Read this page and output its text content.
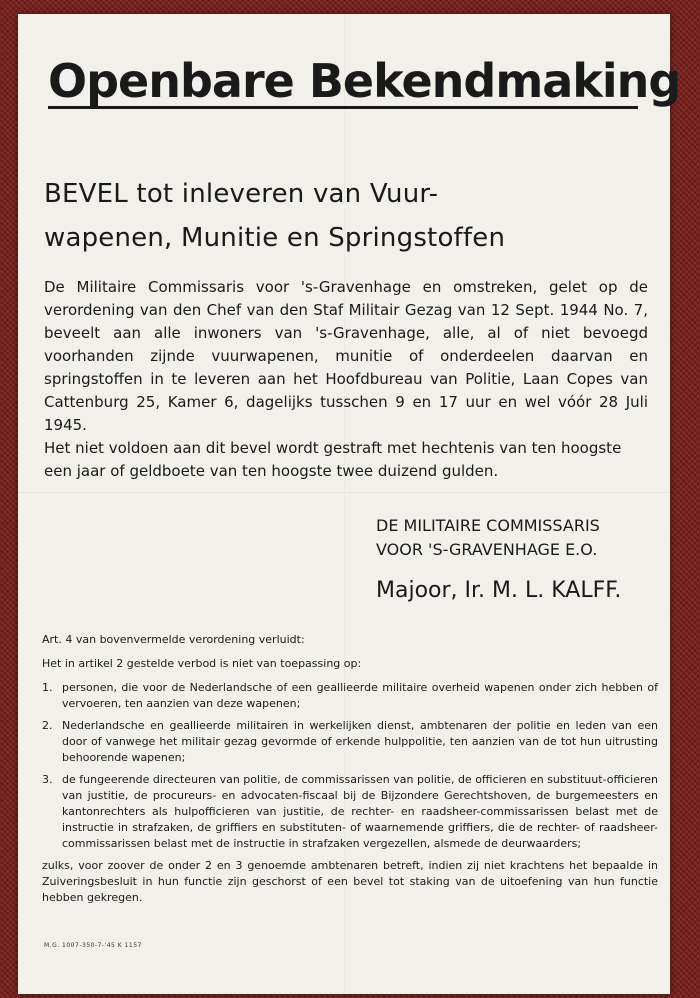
Openbare Bekendmaking
BEVEL tot inleveren van Vuur-
wapenen, Munitie en Springstoffen

De Militaire Commissaris voor 's-Gravenhage en omstreken, gelet op de verordening van den Chef van den Staf Militair Gezag van 12 Sept. 1944 No. 7, beveelt aan alle inwoners van 's-Gravenhage, alle, al of niet bevoegd voorhanden zijnde vuurwapenen, munitie of onderdeelen daarvan en springstoffen in te leveren aan het Hoofdbureau van Politie, Laan Copes van Cattenburg 25, Kamer 6, dagelijks tusschen 9 en 17 uur en wel vóór 28 Juli 1945.

Het niet voldoen aan dit bevel wordt gestraft met hechtenis van ten hoogste een jaar of geldboete van ten hoogste twee duizend gulden.

DE MILITAIRE COMMISSARIS
VOOR 'S-GRAVENHAGE E.O.
Majoor, Ir. M. L. KALFF.

Art. 4 van bovenvermelde verordening verluidt:

Het in artikel 2 gestelde verbod is niet van toepassing op:

1. personen, die voor de Nederlandsche of een geallieerde militaire overheid wapenen onder zich hebben of vervoeren, ten aanzien van deze wapenen;
2. Nederlandsche en geallieerde militairen in werkelijken dienst, ambtenaren der politie en leden van een door of vanwege het militair gezag gevormde of erkende hulppolitie, ten aanzien van de tot hun uitrusting behoorende wapenen;
3. de fungeerende directeuren van politie, de commissarissen van politie, de officieren en substituut-officieren van justitie, de procureurs- en advocaten-fiscaal bij de Bijzondere Gerechtshoven, de burgemeesters en kantonrechters als hulpofficieren van justitie, de rechter- en raadsheer-commissarissen belast met de instructie in strafzaken, de griffiers en substituten- of waarnemende griffiers, die de rechter- of raadsheer-commissarissen belast met de instructie in strafzaken vergezellen, alsmede de deurwaarders;

zulks, voor zoover de onder 2 en 3 genoemde ambtenaren betreft, indien zij niet krachtens het bepaalde in Zuiveringsbesluit in hun functie zijn geschorst of een bevel tot staking van de uitoefening van hun functie hebben gekregen.

M.G. 1007-350-7-'45 K 1157
